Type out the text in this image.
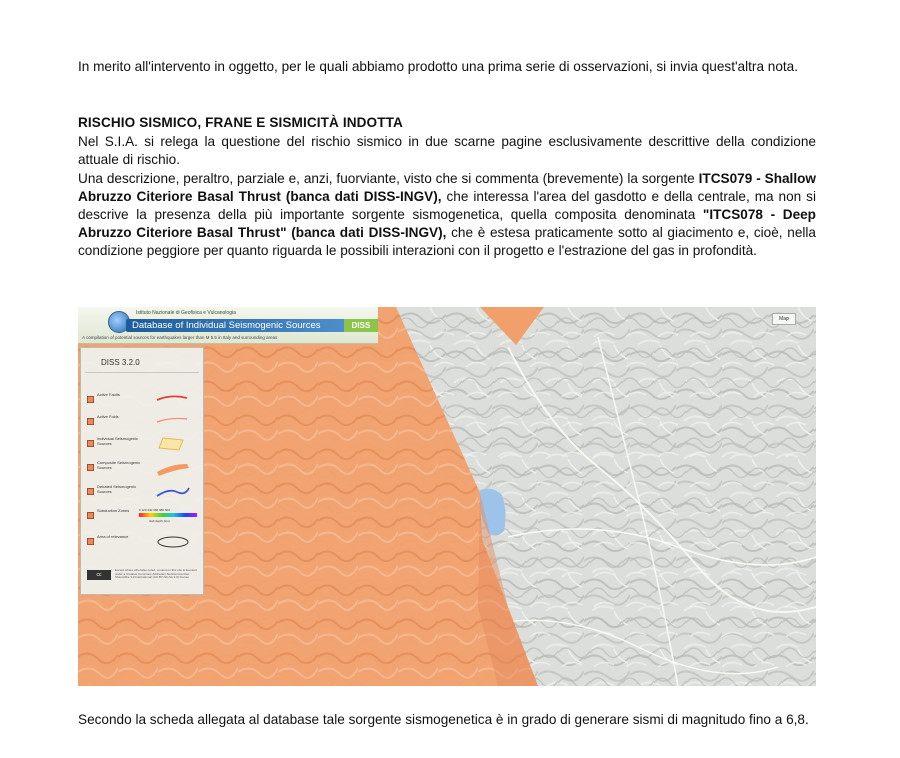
In merito all'intervento in oggetto, per le quali abbiamo prodotto una prima serie di osservazioni, si invia quest'altra nota.

RISCHIO SISMICO, FRANE E SISMICITÀ INDOTTA

Nel S.I.A. si relega la questione del rischio sismico in due scarne pagine esclusivamente descrittive della condizione attuale di rischio.

Una descrizione, peraltro, parziale e, anzi, fuorviante, visto che si commenta (brevemente) la sorgente ITCS079 - Shallow Abruzzo Citeriore Basal Thrust (banca dati DISS-INGV), che interessa l'area del gasdotto e della centrale, ma non si descrive la presenza della più importante sorgente sismogenetica, quella composita denominata "ITCS078 - Deep Abruzzo Citeriore Basal Thrust" (banca dati DISS-INGV), che è estesa praticamente sotto al giacimento e, cioè, nella condizione peggiore per quanto riguarda le possibili interazioni con il progetto e l'estrazione del gas in profondità.

Istituto Nazionale di Geofisica e Vulcanologia
Database of Individual Seismogenic Sources	DISS
A compilation of potential sources for earthquakes larger than M 5.5 in Italy and surrounding areas
Map
DISS 3.2.0
Active Faults
Active Folds
Individual Seismogenic Sources
Composite Seismogenic Sources
Debated Seismogenic Sources
Subduction Zones	0 120 240 360 480 600
slab depth (km)
Area of relevance
cc
Except where otherwise noted, content on this site is licensed under a Creative Commons Attribution-NonCommercial-ShareAlike 3.0 International (CC BY-NC-SA 3.0) license

Secondo la scheda allegata al database tale sorgente sismogenetica è in grado di generare sismi di magnitudo fino a 6,8.
